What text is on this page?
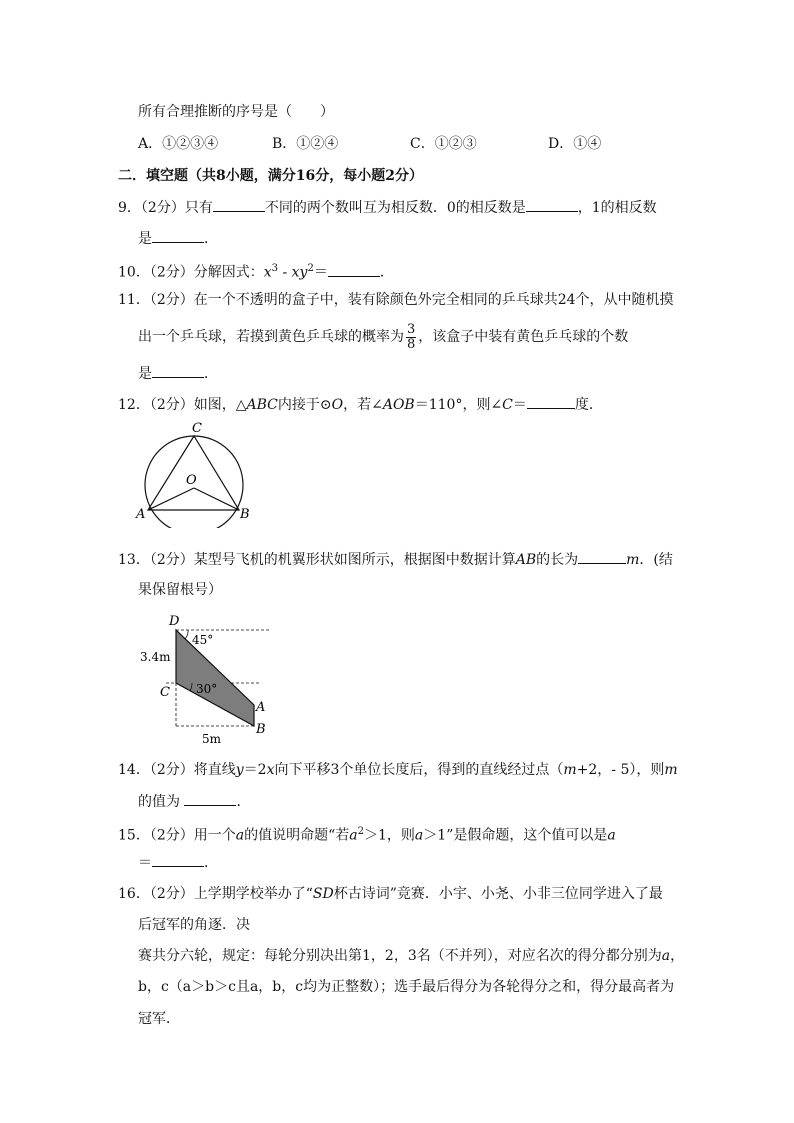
所有合理推断的序号是（　　）
A．①②③④	B．①②④	C．①②③	D．①④
二．填空题（共8小题，满分16分，每小题2分）
9．（2分）只有	不同的两个数叫互为相反数．0的相反数是	，1的相反数
是	．
10．（2分）分解因式：$x^3 - xy^2=$	．
11．（2分）在一个不透明的盒子中，装有除颜色外完全相同的乒乓球共24个，从中随机摸
出一个乒乓球，若摸到黄色乒乓球的概率为 $\frac{3}{8}$ ，该盒子中装有黄色乒乓球的个数
是	．
12．（2分）如图，△ABC内接于⊙O，若∠AOB＝110°，则∠C＝	度．
C
O
A	B
13．（2分）某型号飞机的机翼形状如图所示，根据图中数据计算AB的长为	m．(结
果保留根号）
D
C
A
B
45°
30°
3.4m
5m
14．（2分）将直线y＝2x向下平移3个单位长度后，得到的直线经过点（m+2，- 5），则m
的值为	．
15．（2分）用一个a的值说明命题“若$a^2>1$，则a＞1”是假命题，这个值可以是a
＝	．
16．（2分）上学期学校举办了“SD杯古诗词”竞赛．小宇、小尧、小非三位同学进入了最
后冠军的角逐．决
赛共分六轮，规定：每轮分别决出第1，2，3名（不并列），对应名次的得分都分别为a，
b，c（a＞b＞c且a，b，c均为正整数）；选手最后得分为各轮得分之和，得分最高者为
冠军．
